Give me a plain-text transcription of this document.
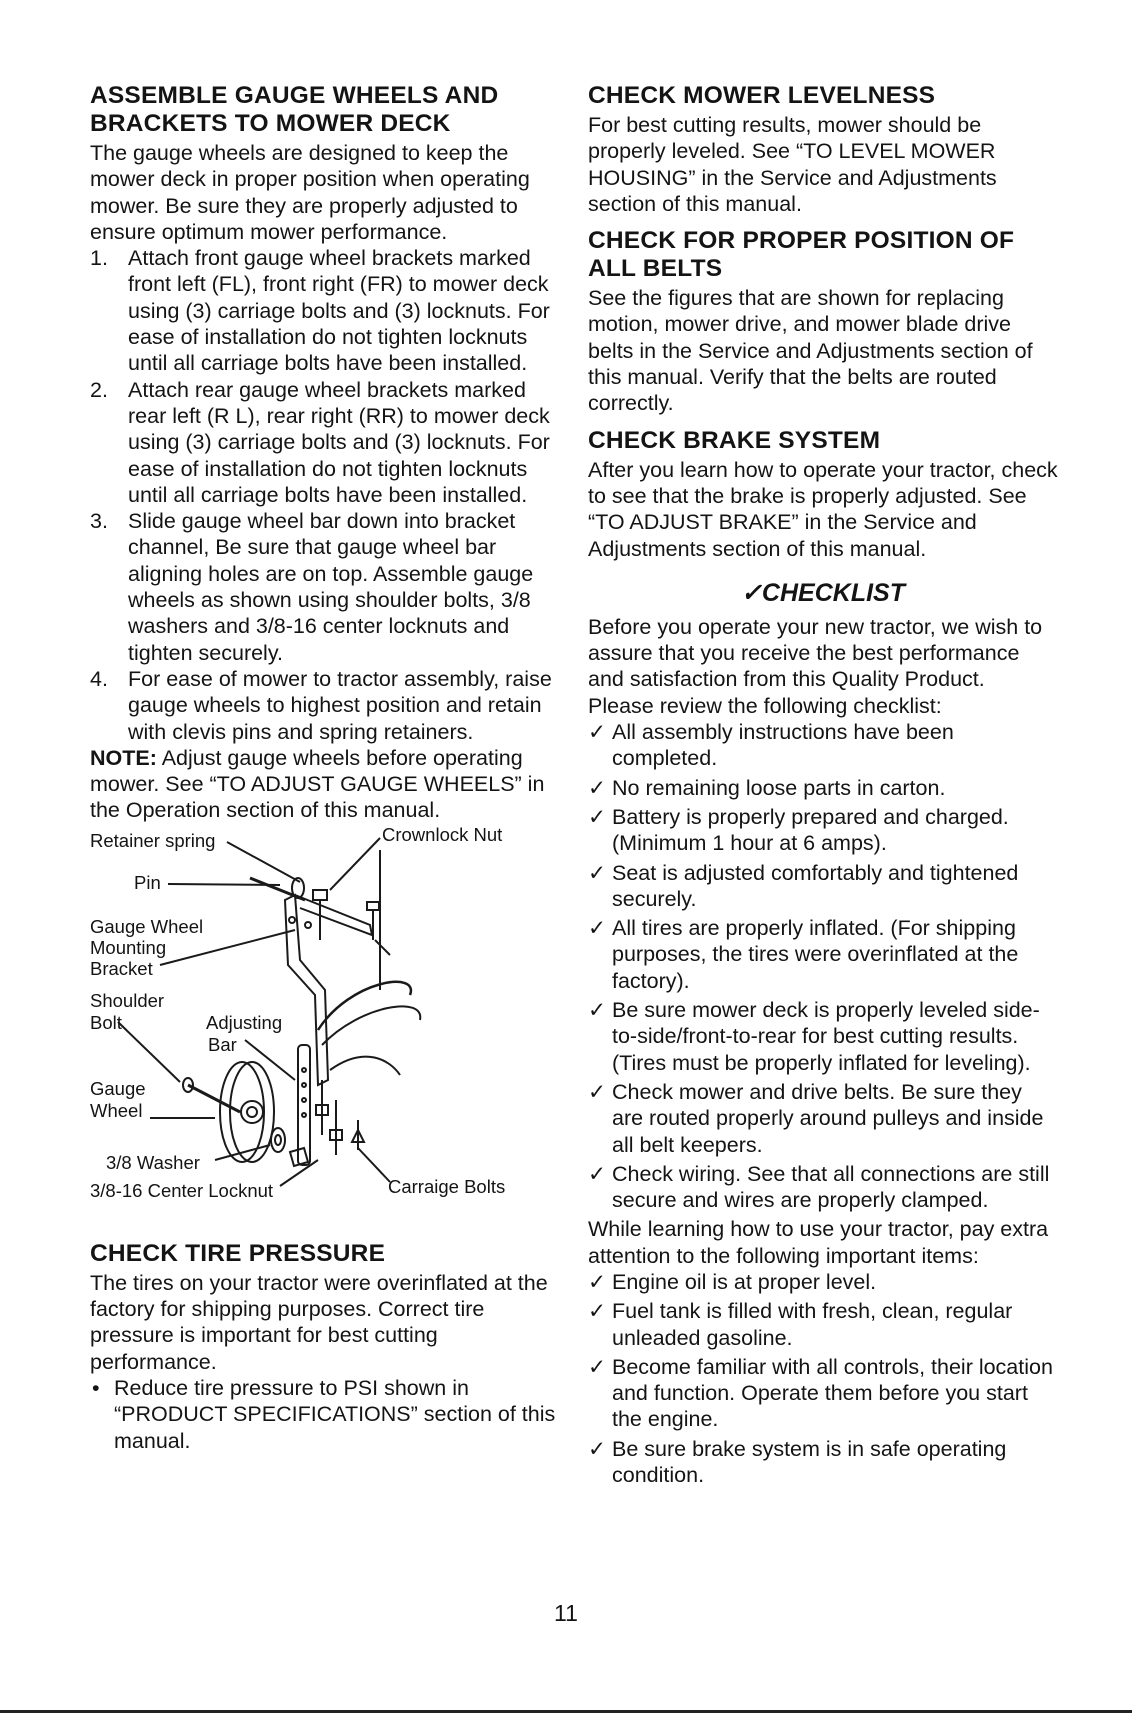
ASSEMBLE GAUGE WHEELS AND BRACKETS TO MOWER DECK

The gauge wheels are designed to keep the mower deck in proper position when operating mower. Be sure they are properly adjusted to ensure optimum mower performance.

1. Attach front gauge wheel brackets marked front left (FL), front right (FR) to mower deck using (3) carriage bolts and (3) locknuts. For ease of installation do not tighten locknuts until all carriage bolts have been installed.
2. Attach rear gauge wheel brackets marked rear left (R L), rear right (RR) to mower deck using (3) carriage bolts and (3) locknuts. For ease of installation do not tighten locknuts until all carriage bolts have been installed.
3. Slide gauge wheel bar down into bracket channel, Be sure that gauge wheel bar aligning holes are on top. Assemble gauge wheels as shown using shoulder bolts, 3/8 washers and 3/8-16 center locknuts and tighten securely.
4. For ease of mower to tractor assembly, raise gauge wheels to highest position and retain with clevis pins and spring retainers.

NOTE: Adjust gauge wheels before operating mower. See “TO ADJUST GAUGE WHEELS” in the Operation section of this manual.

Retainer spring	Crownlock Nut
Pin
Gauge Wheel
Mounting
Bracket
Shoulder
Bolt	Adjusting
Bar
Gauge
Wheel
3/8 Washer
3/8-16 Center Locknut	Carraige Bolts
CHECK TIRE PRESSURE

The tires on your tractor were overinflated at the factory for shipping purposes. Correct tire pressure is important for best cutting performance.

• Reduce tire pressure to PSI shown in “PRODUCT SPECIFICATIONS” section of this manual.
CHECK MOWER LEVELNESS

For best cutting results, mower should be properly leveled. See “TO LEVEL MOWER HOUSING” in the Service and Adjustments section of this manual.

CHECK FOR PROPER POSITION OF ALL BELTS

See the figures that are shown for replacing motion, mower drive, and mower blade drive belts in the Service and Adjustments section of this manual. Verify that the belts are routed correctly.

CHECK BRAKE SYSTEM

After you learn how to operate your tractor, check to see that the brake is properly adjusted. See “TO ADJUST BRAKE” in the Service and Adjustments section of this manual.

✓CHECKLIST

Before you operate your new tractor, we wish to assure that you receive the best performance and satisfaction from this Quality Product.

Please review the following checklist:

✓ All assembly instructions have been completed.
✓ No remaining loose parts in carton.
✓ Battery is properly prepared and charged. (Minimum 1 hour at 6 amps).
✓ Seat is adjusted comfortably and tightened securely.
✓ All tires are properly inflated. (For shipping purposes, the tires were overinflated at the factory).
✓ Be sure mower deck is properly leveled side-to-side/front-to-rear for best cutting results. (Tires must be properly inflated for leveling).
✓ Check mower and drive belts. Be sure they are routed properly around pulleys and inside all belt keepers.
✓ Check wiring. See that all connections are still secure and wires are properly clamped.

While learning how to use your tractor, pay extra attention to the following important items:

✓ Engine oil is at proper level.
✓ Fuel tank is filled with fresh, clean, regular unleaded gasoline.
✓ Become familiar with all controls, their location and function. Operate them before you start the engine.
✓ Be sure brake system is in safe operating condition.
11
